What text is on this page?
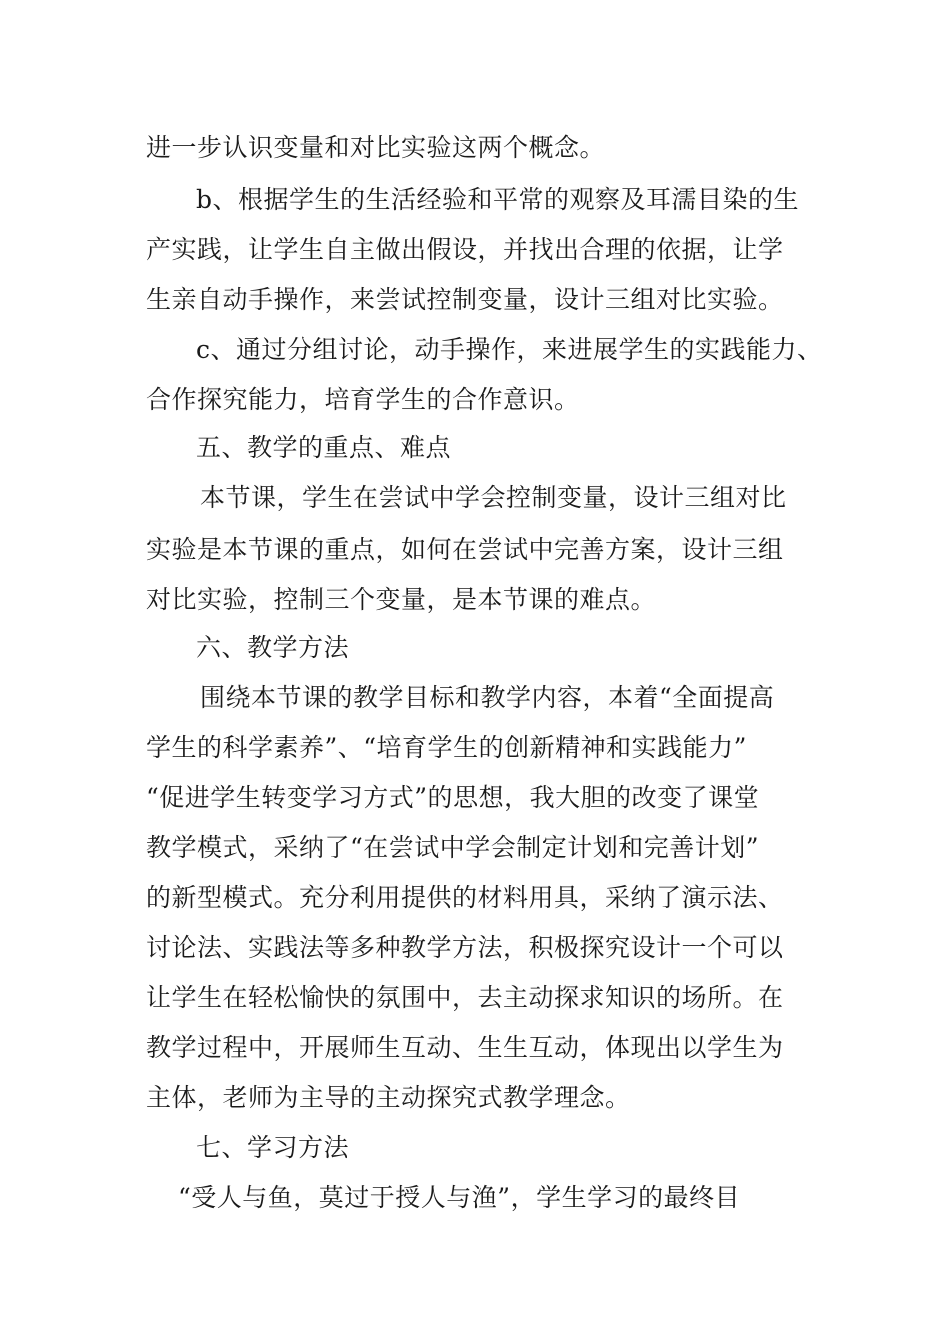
进一步认识变量和对比实验这两个概念。
b、根据学生的生活经验和平常的观察及耳濡目染的生
产实践，让学生自主做出假设，并找出合理的依据，让学
生亲自动手操作，来尝试控制变量，设计三组对比实验。
c、通过分组讨论，动手操作，来进展学生的实践能力、
合作探究能力，培育学生的合作意识。
五、教学的重点、难点
本节课，学生在尝试中学会控制变量，设计三组对比
实验是本节课的重点，如何在尝试中完善方案，设计三组
对比实验，控制三个变量，是本节课的难点。
六、教学方法
围绕本节课的教学目标和教学内容，本着“全面提高
学生的科学素养”、“培育学生的创新精神和实践能力”
“促进学生转变学习方式”的思想，我大胆的改变了课堂
教学模式，采纳了“在尝试中学会制定计划和完善计划”
的新型模式。充分利用提供的材料用具，采纳了演示法、
讨论法、实践法等多种教学方法，积极探究设计一个可以
让学生在轻松愉快的氛围中，去主动探求知识的场所。在
教学过程中，开展师生互动、生生互动，体现出以学生为
主体，老师为主导的主动探究式教学理念。
七、学习方法
“受人与鱼，莫过于授人与渔”，学生学习的最终目
